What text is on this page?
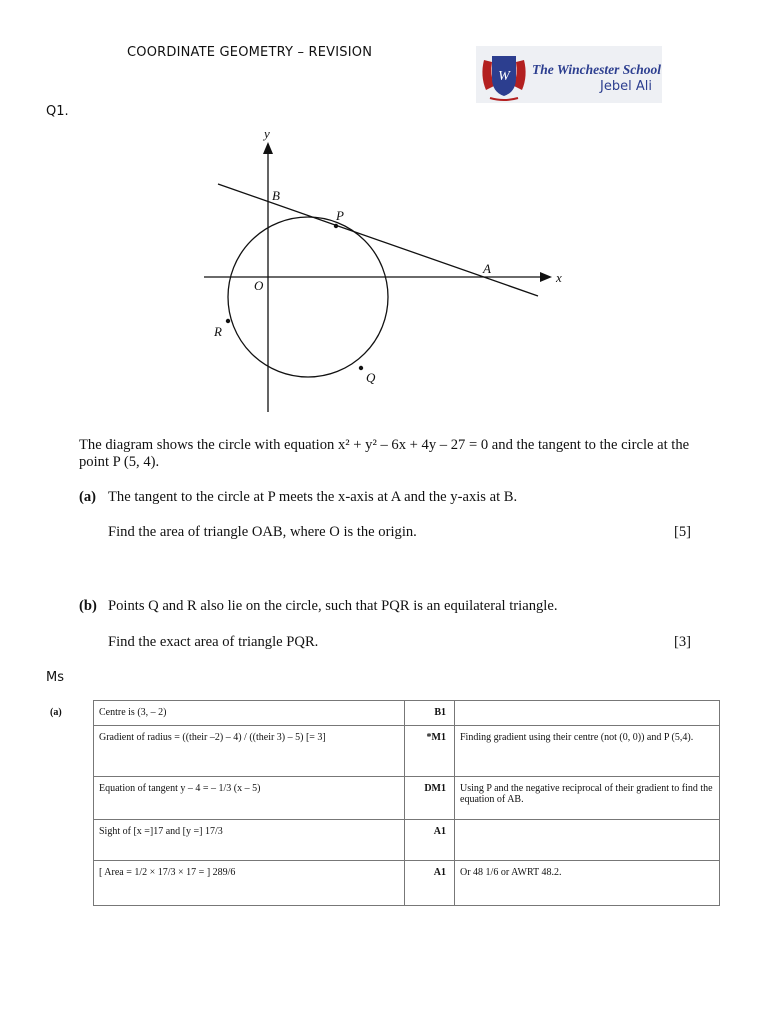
COORDINATE GEOMETRY – REVISION
W The Winchester School
Jebel Ali
Q1.
y
x
B
P
A
O
R
Q
The diagram shows the circle with equation x² + y² – 6x + 4y – 27 = 0 and the tangent to the circle at the point P (5, 4).
(a) The tangent to the circle at P meets the x-axis at A and the y-axis at B.
Find the area of triangle OAB, where O is the origin.	[5]
(b) Points Q and R also lie on the circle, such that PQR is an equilateral triangle.
Find the exact area of triangle PQR.	[3]
Ms
(a)	Centre is (3, – 2)	B1	
	Gradient of radius = ((their –2) – 4) / ((their 3) – 5) [= 3]	*M1	Finding gradient using their centre (not (0, 0)) and P (5,4).
	Equation of tangent y – 4 = – 1/3 (x – 5)	DM1	Using P and the negative reciprocal of their gradient to find the equation of AB.
	Sight of [x =]17 and [y =] 17/3	A1	
	[ Area = 1/2 × 17/3 × 17 = ] 289/6	A1	Or 48 1/6 or AWRT 48.2.
